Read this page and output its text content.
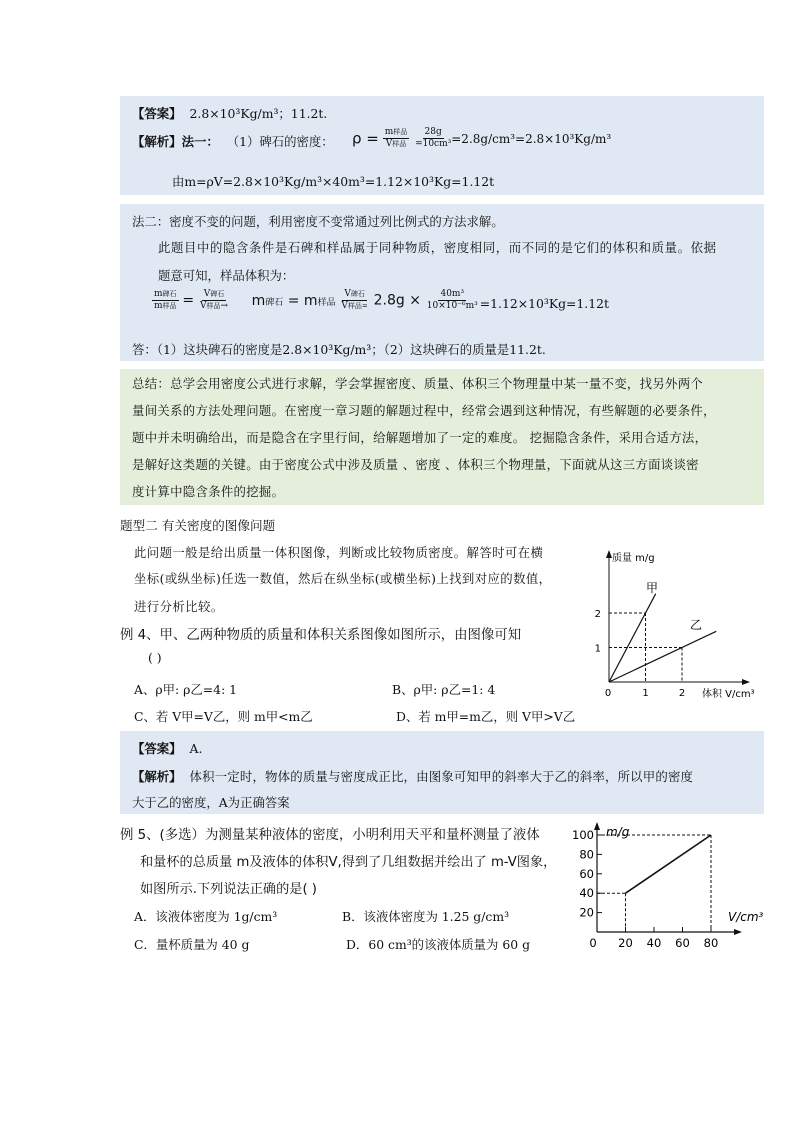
【答案】 2.8×10³Kg/m³；11.2t.
【解析】法一： （1）碑石的密度： $\rho = \frac{\text{m样品}}{\text{V样品}}$
$\frac{28g}{\text{=10cm³}}$
=2.8g/cm³=2.8×10³Kg/m³
由m=ρV=2.8×10³Kg/m³×40m³=1.12×10³Kg=1.12t
法二：密度不变的问题，利用密度不变常通过列比例式的方法求解。
此题目中的隐含条件是石碑和样品属于同种物质，密度相同，而不同的是它们的体积和质量。依据
题意可知，样品体积为：
$\frac{\text{m碑石}}{\text{m样品}} = \frac{\text{V碑石}}{\text{V样品→}}$ m碑石 = m样品 $\frac{\text{V碑石}}{\text{V样品=}} 2.8g \times \frac{\text{40m³}}{\text{10×10⁻⁶m³}} =1.12\times 10^3Kg=1.12t$
答：（1）这块碑石的密度是2.8×10³Kg/m³；（2）这块碑石的质量是11.2t.
总结：总学会用密度公式进行求解，学会掌握密度、质量、体积三个物理量中某一量不变，找另外两个
量间关系的方法处理问题。在密度一章习题的解题过程中，经常会遇到这种情况，有些解题的必要条件，
题中并未明确给出，而是隐含在字里行间，给解题增加了一定的难度。 挖掘隐含条件，采用合适方法，
是解好这类题的关键。由于密度公式中涉及质量 、密度 、体积三个物理量，下面就从这三方面谈谈密
度计算中隐含条件的挖掘。
题型二 有关密度的图像问题
此问题一般是给出质量一体积图像，判断或比较物质密度。解答时可在横
坐标(或纵坐标)任选一数值，然后在纵坐标(或横坐标)上找到对应的数值，
进行分析比较。
例 4、甲、乙两种物质的质量和体积关系图像如图所示，由图像可知
( )
A、ρ甲: ρ乙=4: 1	B、ρ甲: ρ乙=1: 4
C、若 V甲=V乙，则 m甲<m乙	D、若 m甲=m乙，则 V甲>V乙
质量 m/g
体积 V/cm³
甲
乙
1
2
0	1	2
【答案】 A.
【解析】 体积一定时，物体的质量与密度成正比，由图象可知甲的斜率大于乙的斜率，所以甲的密度
大于乙的密度，A为正确答案
例 5、(多选）为测量某种液体的密度，小明利用天平和量杯测量了液体
和量杯的总质量 m及液体的体积V,得到了几组数据并绘出了 m-V图象，
如图所示.下列说法正确的是( )
A．该液体密度为 1g/cm³	B．该液体密度为 1.25 g/cm³
C．量杯质量为 40 g	D．60 cm³的该液体质量为 60 g
m/g
V/cm³
20
40
60
80
100
0 20 40 60 80
